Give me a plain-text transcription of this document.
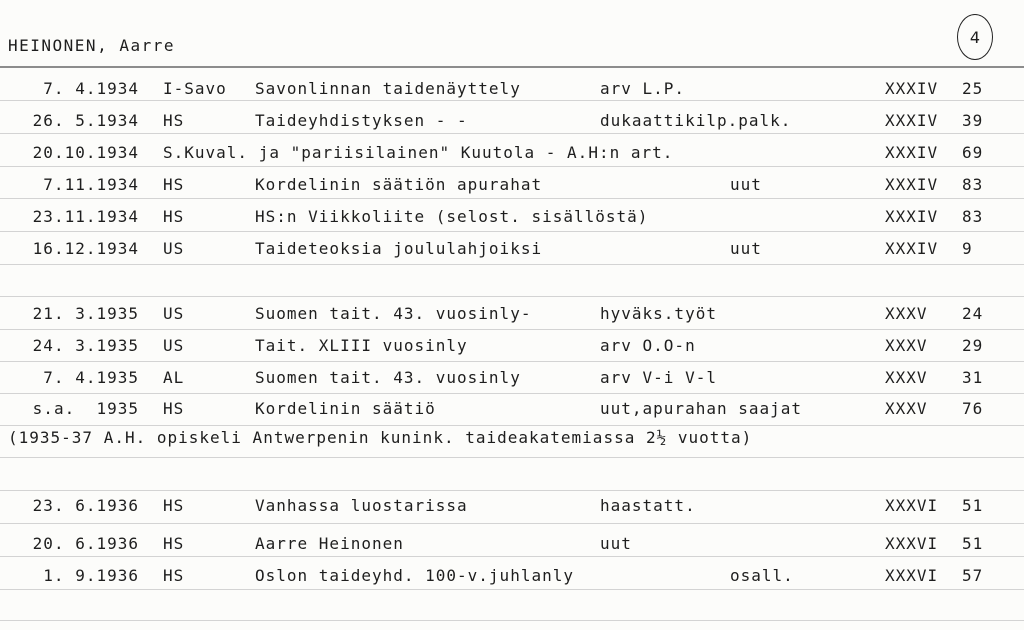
HEINONEN, Aarre	4
7. 4.1934 I-Savo Savonlinnan taidenäyttely	arv L.P.	XXXIV 25
26. 5.1934 HS	Taideyhdistyksen - -	dukaattikilp.palk.	XXXIV 39
20.10.1934 S.Kuval. ja "pariisilainen" Kuutola - A.H:n art.	XXXIV 69
7.11.1934 HS	Kordelinin säätiön apurahat	uut	XXXIV 83
23.11.1934 HS	HS:n Viikkoliite (selost. sisällöstä)	XXXIV 83
16.12.1934 US	Taideteoksia joululahjoiksi	uut	XXXIV 9
21. 3.1935 US	Suomen tait. 43. vuosinly-	hyväks.työt	XXXV 24
24. 3.1935 US	Tait. XLIII vuosinly	arv O.O-n	XXXV 29
7. 4.1935 AL	Suomen tait. 43. vuosinly	arv V-i V-l	XXXV 31
s.a.  1935 HS	Kordelinin säätiö	uut,apurahan saajat	XXXV 76
(1935-37 A.H. opiskeli Antwerpenin kunink. taideakatemiassa 2½ vuotta)
23. 6.1936 HS	Vanhassa luostarissa	haastatt.	XXXVI 51
20. 6.1936 HS	Aarre Heinonen	uut	XXXVI 51
1. 9.1936 HS	Oslon taideyhd. 100-v.juhlanly	osall.	XXXVI 57
